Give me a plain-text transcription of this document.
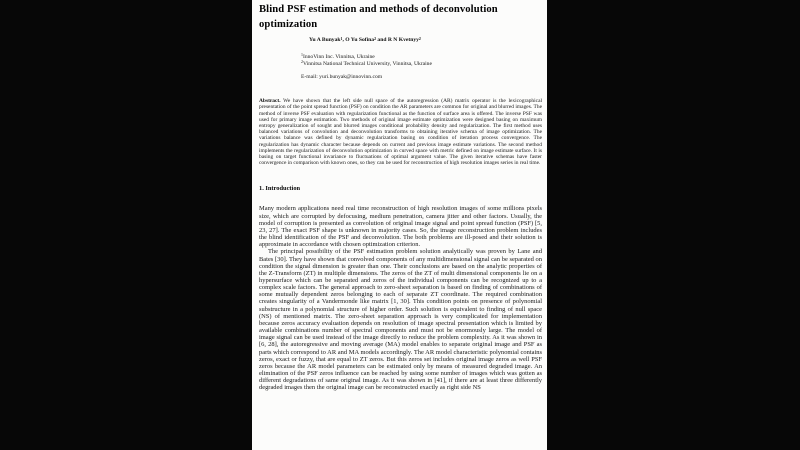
Blind PSF estimation and methods of deconvolution optimization
Yu A Bunyak$^1$, O Yu Sofina$^2$ and R N Kvetnyy$^2$
$^1$InnoVinn Inc. Vinnitsa, Ukraine
$^2$Vinnitsa National Technical University, Vinnitsa, Ukraine
E-mail: yuri.bunyak@innovinn.com

Abstract. We have shown that the left side null space of the autoregression (AR) matrix operator is the lexicographical presentation of the point spread function (PSF) on condition the AR parameters are common for original and blurred images. The method of inverse PSF evaluation with regularization functional as the function of surface area is offered. The inverse PSF was used for primary image estimation. Two methods of original image estimate optimization were designed basing on maximum entropy generalization of sought and blurred images conditional probability density and regularization. The first method uses balanced variations of convolution and deconvolution transforms to obtaining iterative schema of image optimization. The variations balance was defined by dynamic regularization basing on condition of iteration process convergence. The regularization has dynamic character because depends on current and previous image estimate variations. The second method implements the regularization of deconvolution optimization in curved space with metric defined on image estimate surface. It is basing on target functional invariance to fluctuations of optimal argument value. The given iterative schemas have faster convergence in comparison with known ones, so they can be used for reconstruction of high resolution images series in real time.

1. Introduction

Many modern applications need real time reconstruction of high resolution images of some millions pixels size, which are corrupted by defocusing, medium penetration, camera jitter and other factors. Usually, the model of corruption is presented as convolution of original image signal and point spread function (PSF) [5, 23, 27]. The exact PSF shape is unknown in majority cases. So, the image reconstruction problem includes the blind identification of the PSF and deconvolution. The both problems are ill-posed and their solution is approximate in accordance with chosen optimization criterion.

The principal possibility of the PSF estimation problem solution analytically was proven by Lane and Bates [30]. They have shown that convolved components of any multidimensional signal can be separated on condition the signal dimension is greater than one. Their conclusions are based on the analytic properties of the Z-Transform (ZT) in multiple dimensions. The zeros of the ZT of multi dimensional components lie on a hypersurface which can be separated and zeros of the individual components can be recognized up to a complex scale factors. The general approach to zero-sheet separation is based on finding of combinations of some mutually dependent zeros belonging to each of separate ZT coordinate. The required combination creates singularity of a Vandermonde like matrix [1, 30]. This condition points on presence of polynomial substructure in a polynomial structure of higher order. Such solution is equivalent to finding of null space (NS) of mentioned matrix. The zero-sheet separation approach is very complicated for implementation because zeros accuracy evaluation depends on resolution of image spectral presentation which is limited by available combinations number of spectral components and must not be enormously large. The model of image signal can be used instead of the image directly to reduce the problem complexity. As it was shown in [6, 28], the autoregressive and moving average (MA) model enables to separate original image and PSF as parts which correspond to AR and MA models accordingly. The AR model characteristic polynomial contains zeros, exact or fuzzy, that are equal to ZT zeros. But this zeros set includes original image zeros as well PSF zeros because the AR model parameters can be estimated only by means of measured degraded image. An elimination of the PSF zeros influence can be reached by using some number of images which was gotten as different degradations of same original image. As it was shown in [41], if there are at least three differently degraded images then the original image can be reconstructed exactly as right side NS
